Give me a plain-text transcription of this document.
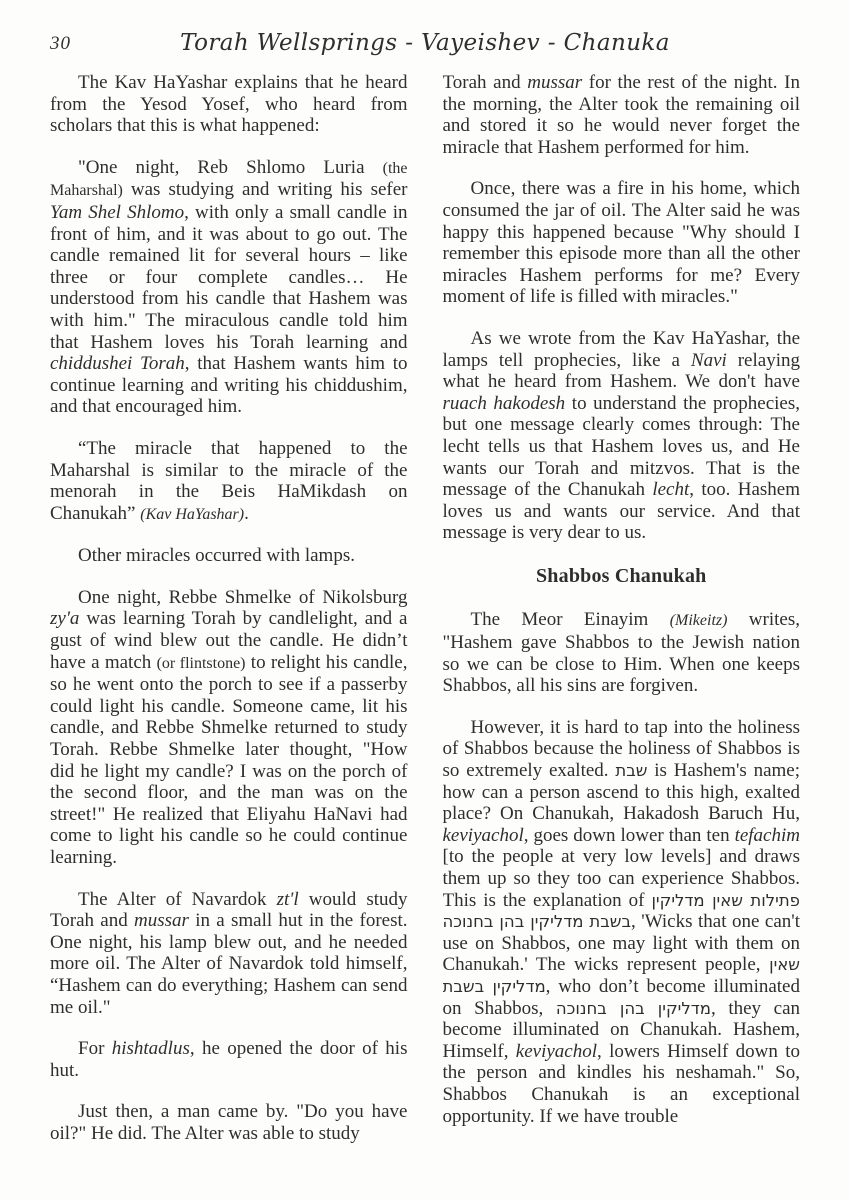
30	Torah Wellsprings - Vayeishev - Chanuka

The Kav HaYashar explains that he heard from the Yesod Yosef, who heard from scholars that this is what happened:

"One night, Reb Shlomo Luria (the Maharshal) was studying and writing his sefer Yam Shel Shlomo, with only a small candle in front of him, and it was about to go out. The candle remained lit for several hours – like three or four complete candles… He understood from his candle that Hashem was with him." The miraculous candle told him that Hashem loves his Torah learning and chiddushei Torah, that Hashem wants him to continue learning and writing his chiddushim, and that encouraged him.

“The miracle that happened to the Maharshal is similar to the miracle of the menorah in the Beis HaMikdash on Chanukah” (Kav HaYashar).

Other miracles occurred with lamps.

One night, Rebbe Shmelke of Nikolsburg zy'a was learning Torah by candlelight, and a gust of wind blew out the candle. He didn’t have a match (or flintstone) to relight his candle, so he went onto the porch to see if a passerby could light his candle. Someone came, lit his candle, and Rebbe Shmelke returned to study Torah. Rebbe Shmelke later thought, "How did he light my candle? I was on the porch of the second floor, and the man was on the street!" He realized that Eliyahu HaNavi had come to light his candle so he could continue learning.

The Alter of Navardok zt'l would study Torah and mussar in a small hut in the forest. One night, his lamp blew out, and he needed more oil. The Alter of Navardok told himself, “Hashem can do everything; Hashem can send me oil."

For hishtadlus, he opened the door of his hut.

Just then, a man came by. "Do you have oil?" He did. The Alter was able to study

Torah and mussar for the rest of the night. In the morning, the Alter took the remaining oil and stored it so he would never forget the miracle that Hashem performed for him.

Once, there was a fire in his home, which consumed the jar of oil. The Alter said he was happy this happened because "Why should I remember this episode more than all the other miracles Hashem performs for me? Every moment of life is filled with miracles."

As we wrote from the Kav HaYashar, the lamps tell prophecies, like a Navi relaying what he heard from Hashem. We don't have ruach hakodesh to understand the prophecies, but one message clearly comes through: The lecht tells us that Hashem loves us, and He wants our Torah and mitzvos. That is the message of the Chanukah lecht, too. Hashem loves us and wants our service. And that message is very dear to us.

Shabbos Chanukah

The Meor Einayim (Mikeitz) writes, "Hashem gave Shabbos to the Jewish nation so we can be close to Him. When one keeps Shabbos, all his sins are forgiven.

However, it is hard to tap into the holiness of Shabbos because the holiness of Shabbos is so extremely exalted. שבת is Hashem's name; how can a person ascend to this high, exalted place? On Chanukah, Hakadosh Baruch Hu, keviyachol, goes down lower than ten tefachim [to the people at very low levels] and draws them up so they too can experience Shabbos. This is the explanation of פתילות שאין מדליקין בשבת מדליקין בהן בחנוכה, 'Wicks that one can't use on Shabbos, one may light with them on Chanukah.' The wicks represent people, שאין מדליקין בשבת, who don’t become illuminated on Shabbos, מדליקין בהן בחנוכה, they can become illuminated on Chanukah. Hashem, Himself, keviyachol, lowers Himself down to the person and kindles his neshamah." So, Shabbos Chanukah is an exceptional opportunity. If we have trouble
